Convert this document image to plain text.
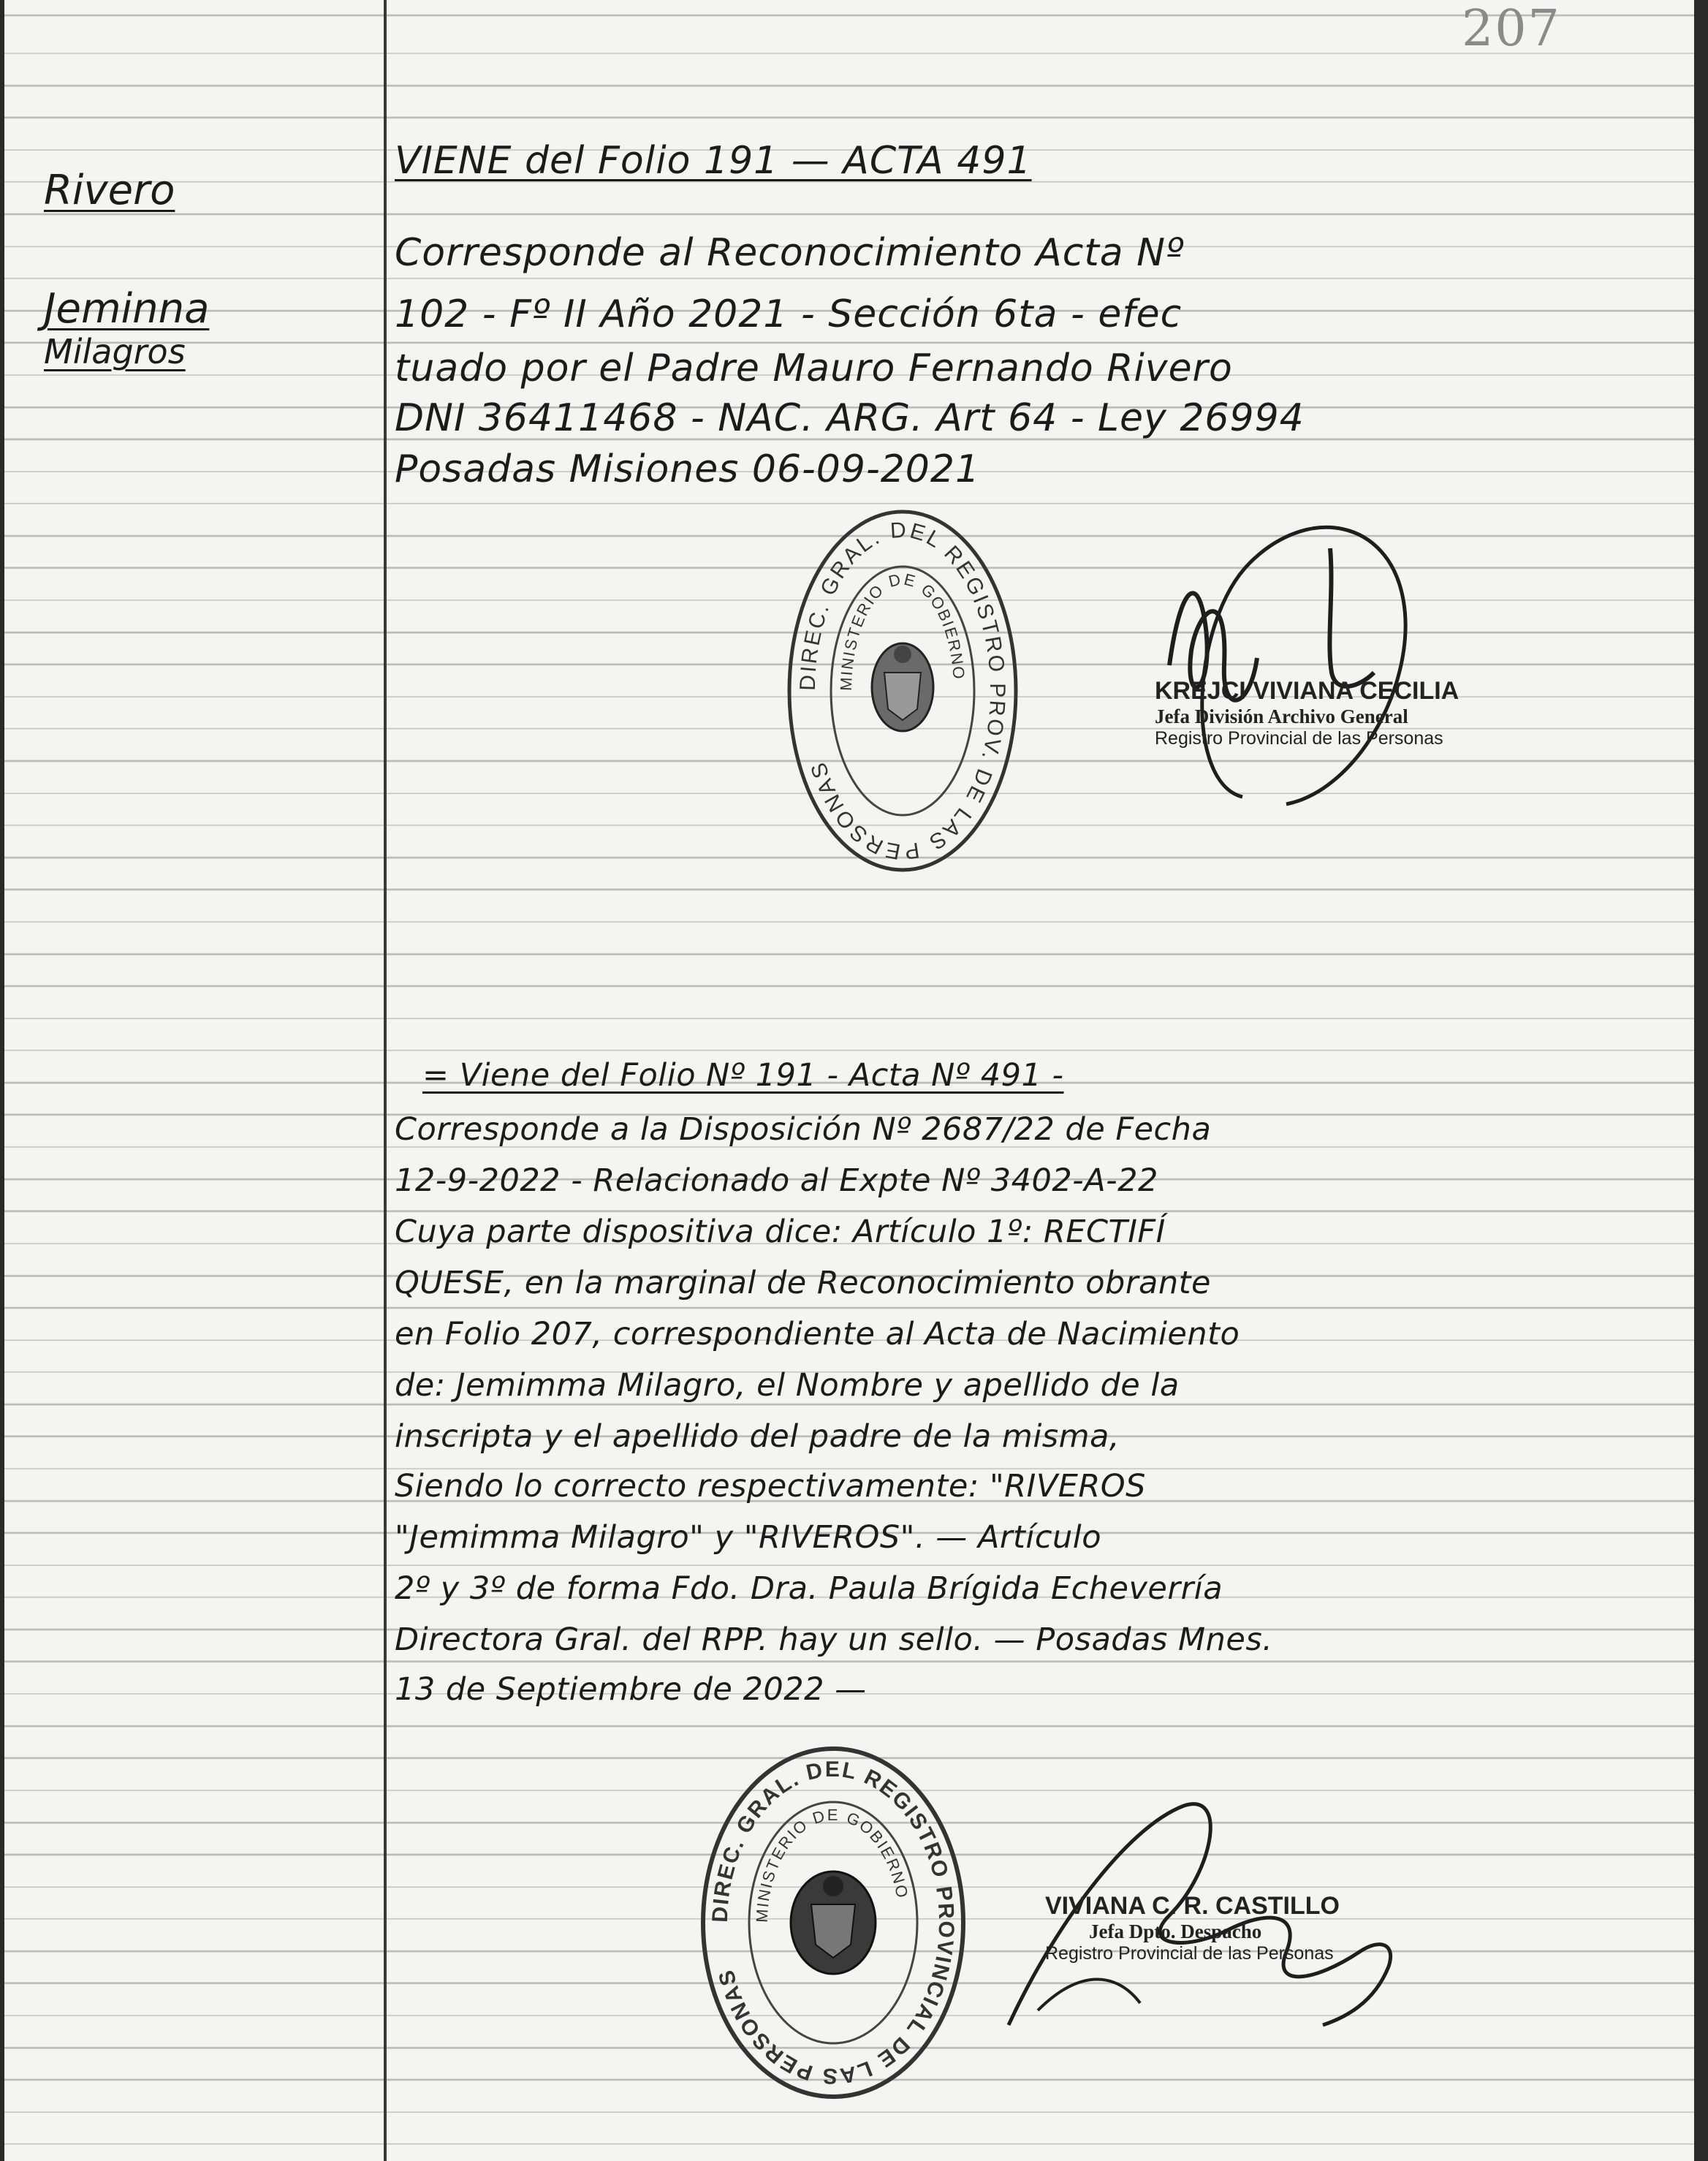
207
Rivero
Jeminna
Milagros
VIENE del Folio 191 — ACTA 491
Corresponde al Reconocimiento Acta Nº
102 - Fº II Año 2021 - Sección 6ta - efec
tuado por el Padre Mauro Fernando Rivero
DNI 36411468 - NAC. ARG. Art 64 - Ley 26994
Posadas Misiones 06-09-2021
DIREC. GRAL. DEL REGISTRO PROV. DE LAS PERSONAS
MINISTERIO DE GOBIERNO
KREJCI VIVIANA CECILIA
Jefa División Archivo General
Registro Provincial de las Personas
= Viene del Folio Nº 191 - Acta Nº 491 -
Corresponde a la Disposición Nº 2687/22 de Fecha
12-9-2022 - Relacionado al Expte Nº 3402-A-22
Cuya parte dispositiva dice: Artículo 1º: RECTIFÍ
QUESE, en la marginal de Reconocimiento obrante
en Folio 207, correspondiente al Acta de Nacimiento
de: Jemimma Milagro, el Nombre y apellido de la
inscripta y el apellido del padre de la misma,
Siendo lo correcto respectivamente: "RIVEROS
"Jemimma Milagro" y "RIVEROS". — Artículo
2º y 3º de forma Fdo. Dra. Paula Brígida Echeverría
Directora Gral. del RPP. hay un sello. — Posadas Mnes.
13 de Septiembre de 2022 —
DIREC. GRAL. DEL REGISTRO PROVINCIAL DE LAS PERSONAS
MINISTERIO DE GOBIERNO
VIVIANA C. R. CASTILLO
Jefa Dpto. Despacho
Registro Provincial de las Personas
